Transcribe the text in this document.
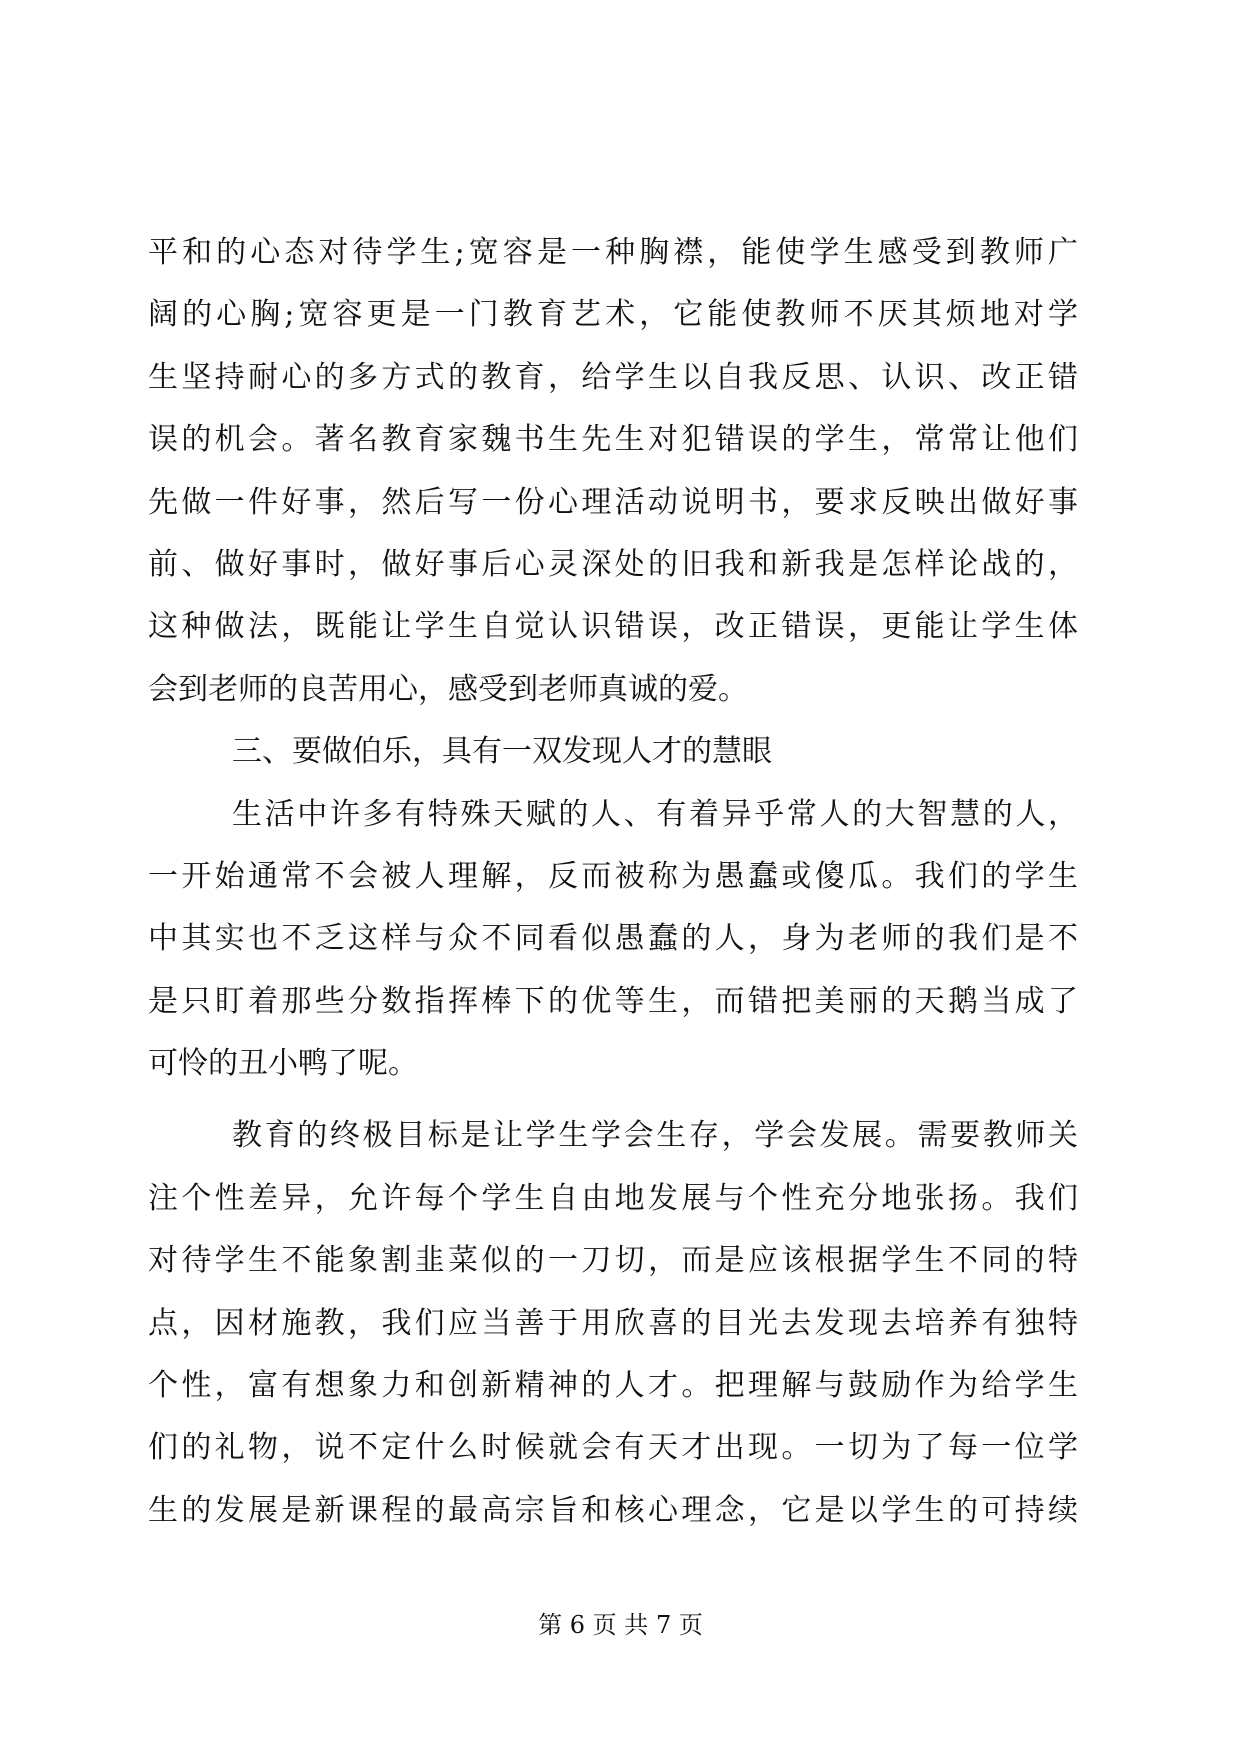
平和的心态对待学生;宽容是一种胸襟，能使学生感受到教师广
阔的心胸;宽容更是一门教育艺术，它能使教师不厌其烦地对学
生坚持耐心的多方式的教育，给学生以自我反思、认识、改正错
误的机会。著名教育家魏书生先生对犯错误的学生，常常让他们
先做一件好事，然后写一份心理活动说明书，要求反映出做好事
前、做好事时，做好事后心灵深处的旧我和新我是怎样论战的，
这种做法，既能让学生自觉认识错误，改正错误，更能让学生体
会到老师的良苦用心，感受到老师真诚的爱。
三、要做伯乐，具有一双发现人才的慧眼
生活中许多有特殊天赋的人、有着异乎常人的大智慧的人，
一开始通常不会被人理解，反而被称为愚蠢或傻瓜。我们的学生
中其实也不乏这样与众不同看似愚蠢的人，身为老师的我们是不
是只盯着那些分数指挥棒下的优等生，而错把美丽的天鹅当成了
可怜的丑小鸭了呢。
教育的终极目标是让学生学会生存，学会发展。需要教师关
注个性差异，允许每个学生自由地发展与个性充分地张扬。我们
对待学生不能象割韭菜似的一刀切，而是应该根据学生不同的特
点，因材施教，我们应当善于用欣喜的目光去发现去培养有独特
个性，富有想象力和创新精神的人才。把理解与鼓励作为给学生
们的礼物，说不定什么时候就会有天才出现。一切为了每一位学
生的发展是新课程的最高宗旨和核心理念，它是以学生的可持续
第 6 页 共 7 页
